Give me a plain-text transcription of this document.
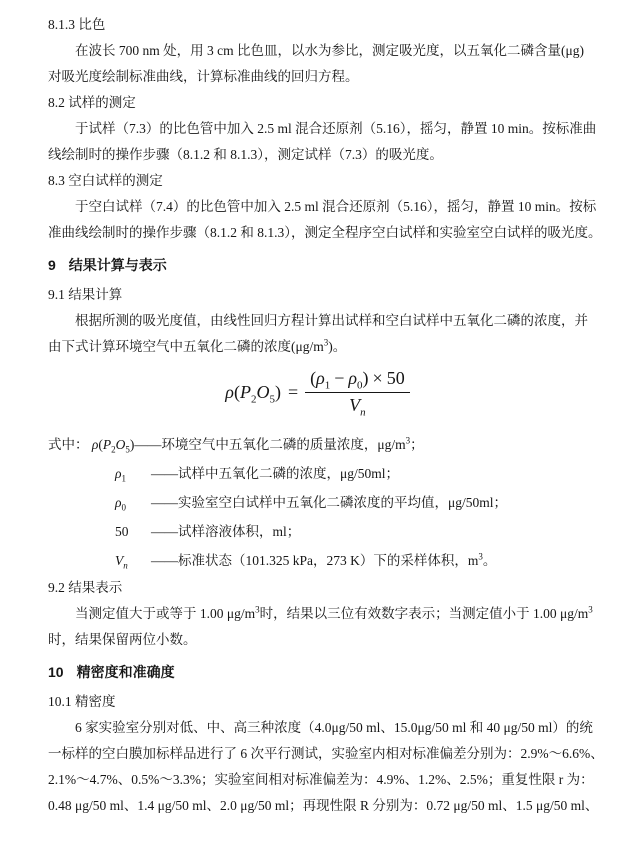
8.1.3 比色
在波长 700 nm 处，用 3 cm 比色皿，以水为参比，测定吸光度，以五氧化二磷含量(μg)
对吸光度绘制标准曲线，计算标准曲线的回归方程。
8.2 试样的测定
于试样（7.3）的比色管中加入 2.5 ml 混合还原剂（5.16），摇匀，静置 10 min。按标准曲
线绘制时的操作步骤（8.1.2 和 8.1.3），测定试样（7.3）的吸光度。
8.3 空白试样的测定
于空白试样（7.4）的比色管中加入 2.5 ml 混合还原剂（5.16），摇匀，静置 10 min。按标
准曲线绘制时的操作步骤（8.1.2 和 8.1.3），测定全程序空白试样和实验室空白试样的吸光度。
9 结果计算与表示
9.1 结果计算
根据所测的吸光度值，由线性回归方程计算出试样和空白试样中五氧化二磷的浓度，并
由下式计算环境空气中五氧化二磷的浓度$(\mu g/m^3)$。
$\rho(P_2O_5) = \frac{(\rho_1 - \rho_0) \times 50}{V_n}$
式中： $\rho(P_2O_5)——$环境空气中五氧化二磷的质量浓度，$\mu g/m^3$；
$\rho_1$ ——试样中五氧化二磷的浓度，μg/50ml；
$\rho_0$ ——实验室空白试样中五氧化二磷浓度的平均值，μg/50ml；
50 ——试样溶液体积，ml；
$V_n$ ——标准状态（101.325 kPa，273 K）下的采样体积，$m^3$。
9.2 结果表示
当测定值大于或等于 1.00 $\mu g/m^3$时，结果以三位有效数字表示；当测定值小于 1.00 $\mu g/m^3$
时，结果保留两位小数。
10 精密度和准确度
10.1 精密度
6 家实验室分别对低、中、高三种浓度（4.0μg/50 ml、15.0μg/50 ml 和 40 μg/50 ml）的统
一标样的空白膜加标样品进行了 6 次平行测试，实验室内相对标准偏差分别为：2.9%～6.6%、
2.1%～4.7%、0.5%～3.3%；实验室间相对标准偏差为：4.9%、1.2%、2.5%；重复性限 r 为：
0.48 μg/50 ml、1.4 μg/50 ml、2.0 μg/50 ml；再现性限 R 分别为：0.72 μg/50 ml、1.5 μg/50 ml、
